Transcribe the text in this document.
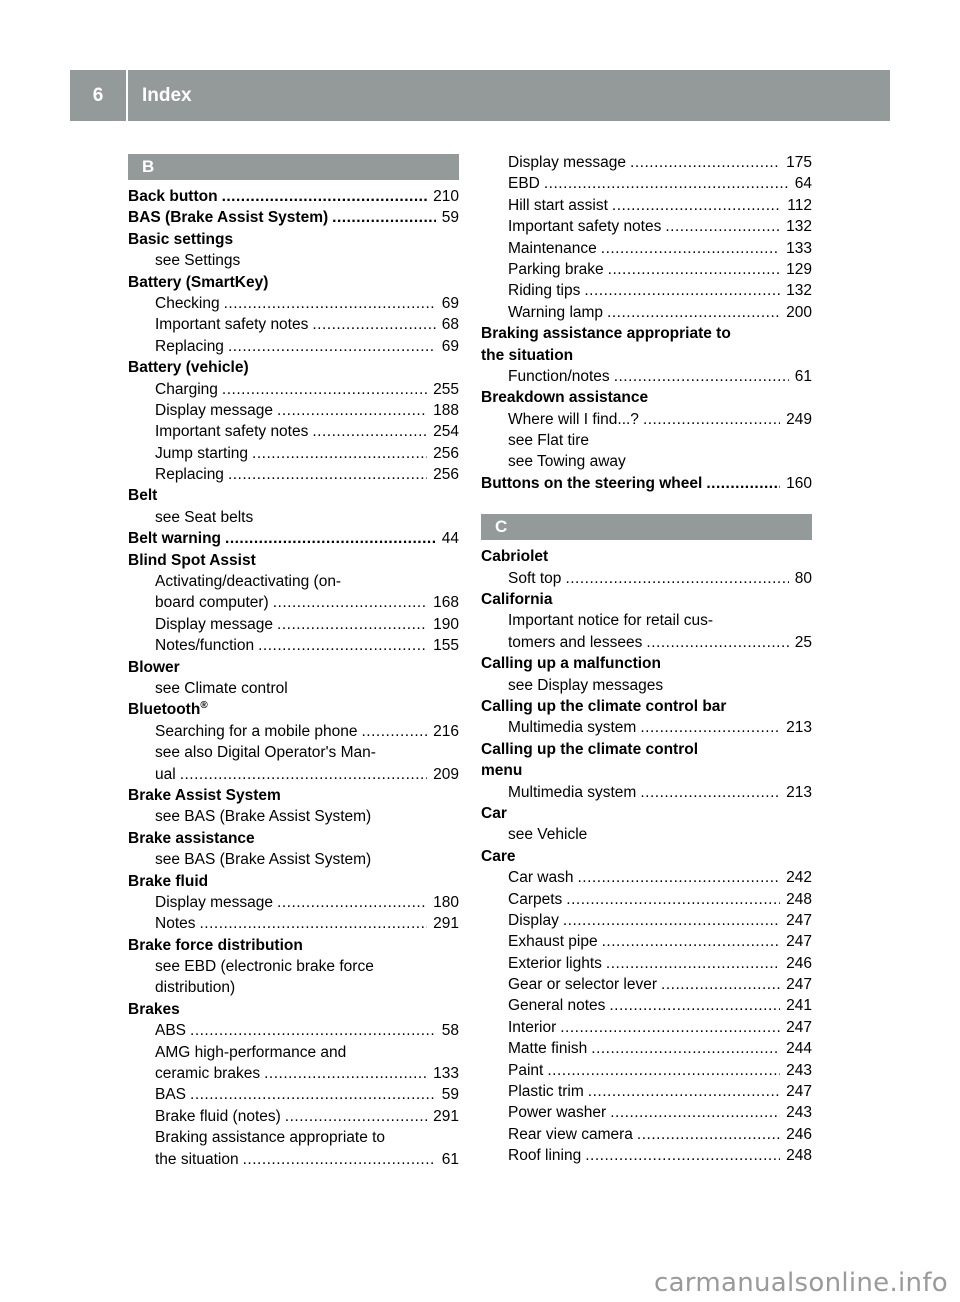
6	Index
B
Back button .....	210
BAS (Brake Assist System) .....	59
Basic settings
see Settings
Battery (SmartKey)
Checking .....	69
Important safety notes .....	68
Replacing .....	69
Battery (vehicle)
Charging .....	255
Display message .....	188
Important safety notes .....	254
Jump starting .....	256
Replacing .....	256
Belt
see Seat belts
Belt warning .....	44
Blind Spot Assist
Activating/deactivating (on-
board computer) .....	168
Display message .....	190
Notes/function .....	155
Blower
see Climate control
Bluetooth®
Searching for a mobile phone .....	216
see also Digital Operator's Man-
ual .....	209
Brake Assist System
see BAS (Brake Assist System)
Brake assistance
see BAS (Brake Assist System)
Brake fluid
Display message .....	180
Notes .....	291
Brake force distribution
see EBD (electronic brake force
distribution)
Brakes
ABS .....	58
AMG high-performance and
ceramic brakes .....	133
BAS .....	59
Brake fluid (notes) .....	291
Braking assistance appropriate to
the situation .....	61
Display message .....	175
EBD .....	64
Hill start assist .....	112
Important safety notes .....	132
Maintenance .....	133
Parking brake .....	129
Riding tips .....	132
Warning lamp .....	200
Braking assistance appropriate to
the situation
Function/notes .....	61
Breakdown assistance
Where will I find...? .....	249
see Flat tire
see Towing away
Buttons on the steering wheel .....	160
C
Cabriolet
Soft top .....	80
California
Important notice for retail cus-
tomers and lessees .....	25
Calling up a malfunction
see Display messages
Calling up the climate control bar
Multimedia system .....	213
Calling up the climate control
menu
Multimedia system .....	213
Car
see Vehicle
Care
Car wash .....	242
Carpets .....	248
Display .....	247
Exhaust pipe .....	247
Exterior lights .....	246
Gear or selector lever .....	247
General notes .....	241
Interior .....	247
Matte finish .....	244
Paint .....	243
Plastic trim .....	247
Power washer .....	243
Rear view camera .....	246
Roof lining .....	248
carmanualsonline.info
